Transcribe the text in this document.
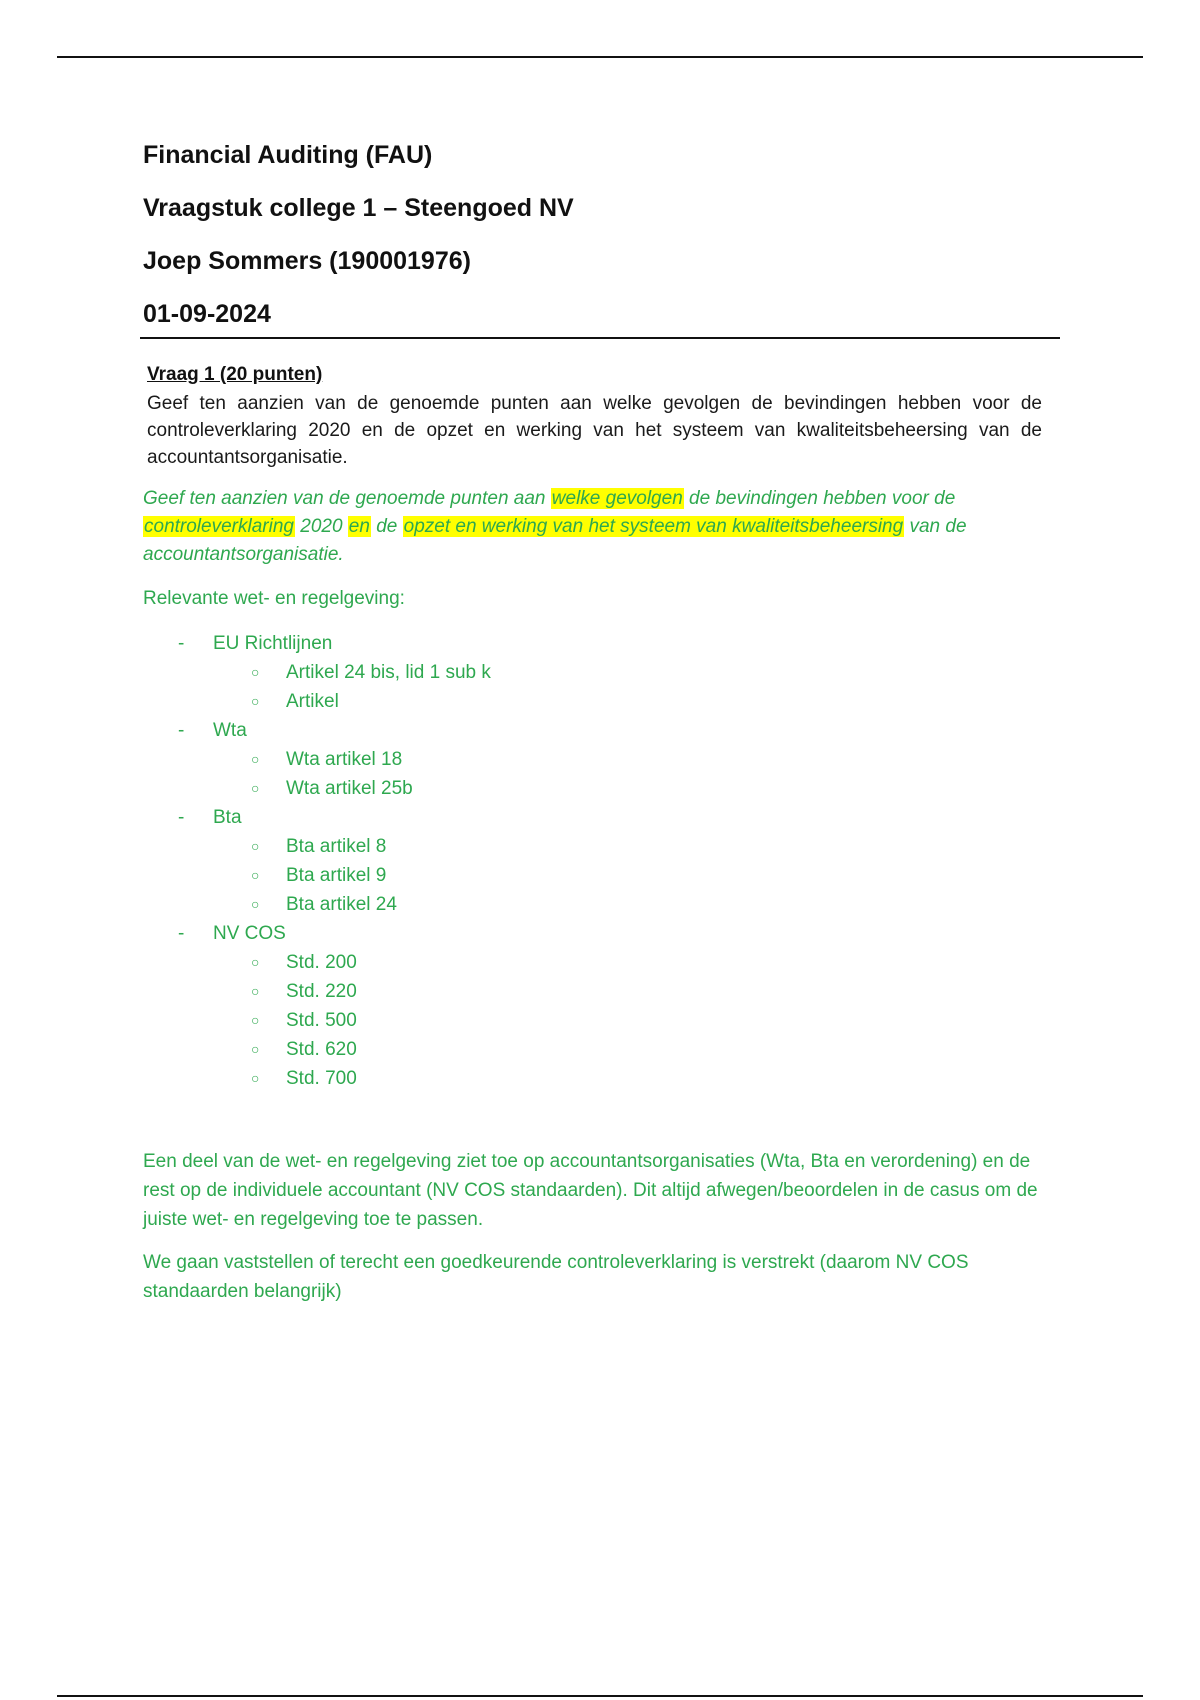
Financial Auditing (FAU)
Vraagstuk college 1 – Steengoed NV
Joep Sommers (190001976)
01-09-2024
Vraag 1 (20 punten)
Geef ten aanzien van de genoemde punten aan welke gevolgen de bevindingen hebben voor de controleverklaring 2020 en de opzet en werking van het systeem van kwaliteitsbeheersing van de accountantsorganisatie.
Geef ten aanzien van de genoemde punten aan welke gevolgen de bevindingen hebben voor de controleverklaring 2020 en de opzet en werking van het systeem van kwaliteitsbeheersing van de accountantsorganisatie.
Relevante wet- en regelgeving:
- EU Richtlijnen
○ Artikel 24 bis, lid 1 sub k
○ Artikel
- Wta
○ Wta artikel 18
○ Wta artikel 25b
- Bta
○ Bta artikel 8
○ Bta artikel 9
○ Bta artikel 24
- NV COS
○ Std. 200
○ Std. 220
○ Std. 500
○ Std. 620
○ Std. 700
Een deel van de wet- en regelgeving ziet toe op accountantsorganisaties (Wta, Bta en verordening) en de rest op de individuele accountant (NV COS standaarden). Dit altijd afwegen/beoordelen in de casus om de juiste wet- en regelgeving toe te passen.
We gaan vaststellen of terecht een goedkeurende controleverklaring is verstrekt (daarom NV COS standaarden belangrijk)
